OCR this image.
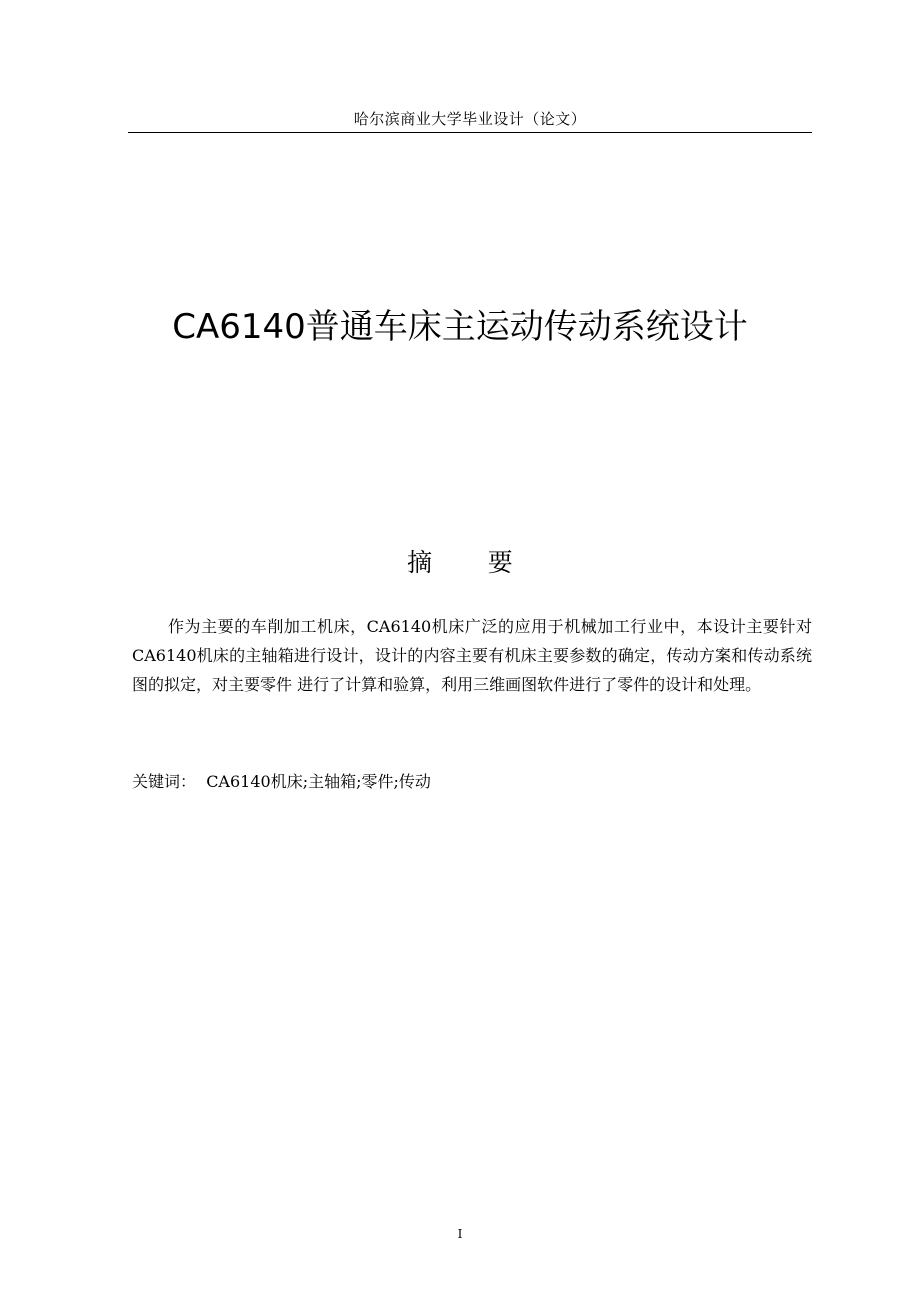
哈尔滨商业大学毕业设计（论文）
CA6140普通车床主运动传动系统设计
摘       要

作为主要的车削加工机床，CA6140机床广泛的应用于机械加工行业中，本设计主要针对CA6140机床的主轴箱进行设计，设计的内容主要有机床主要参数的确定，传动方案和传动系统图的拟定，对主要零件 进行了计算和验算，利用三维画图软件进行了零件的设计和处理。

关键词：  CA6140机床;主轴箱;零件;传动

I
